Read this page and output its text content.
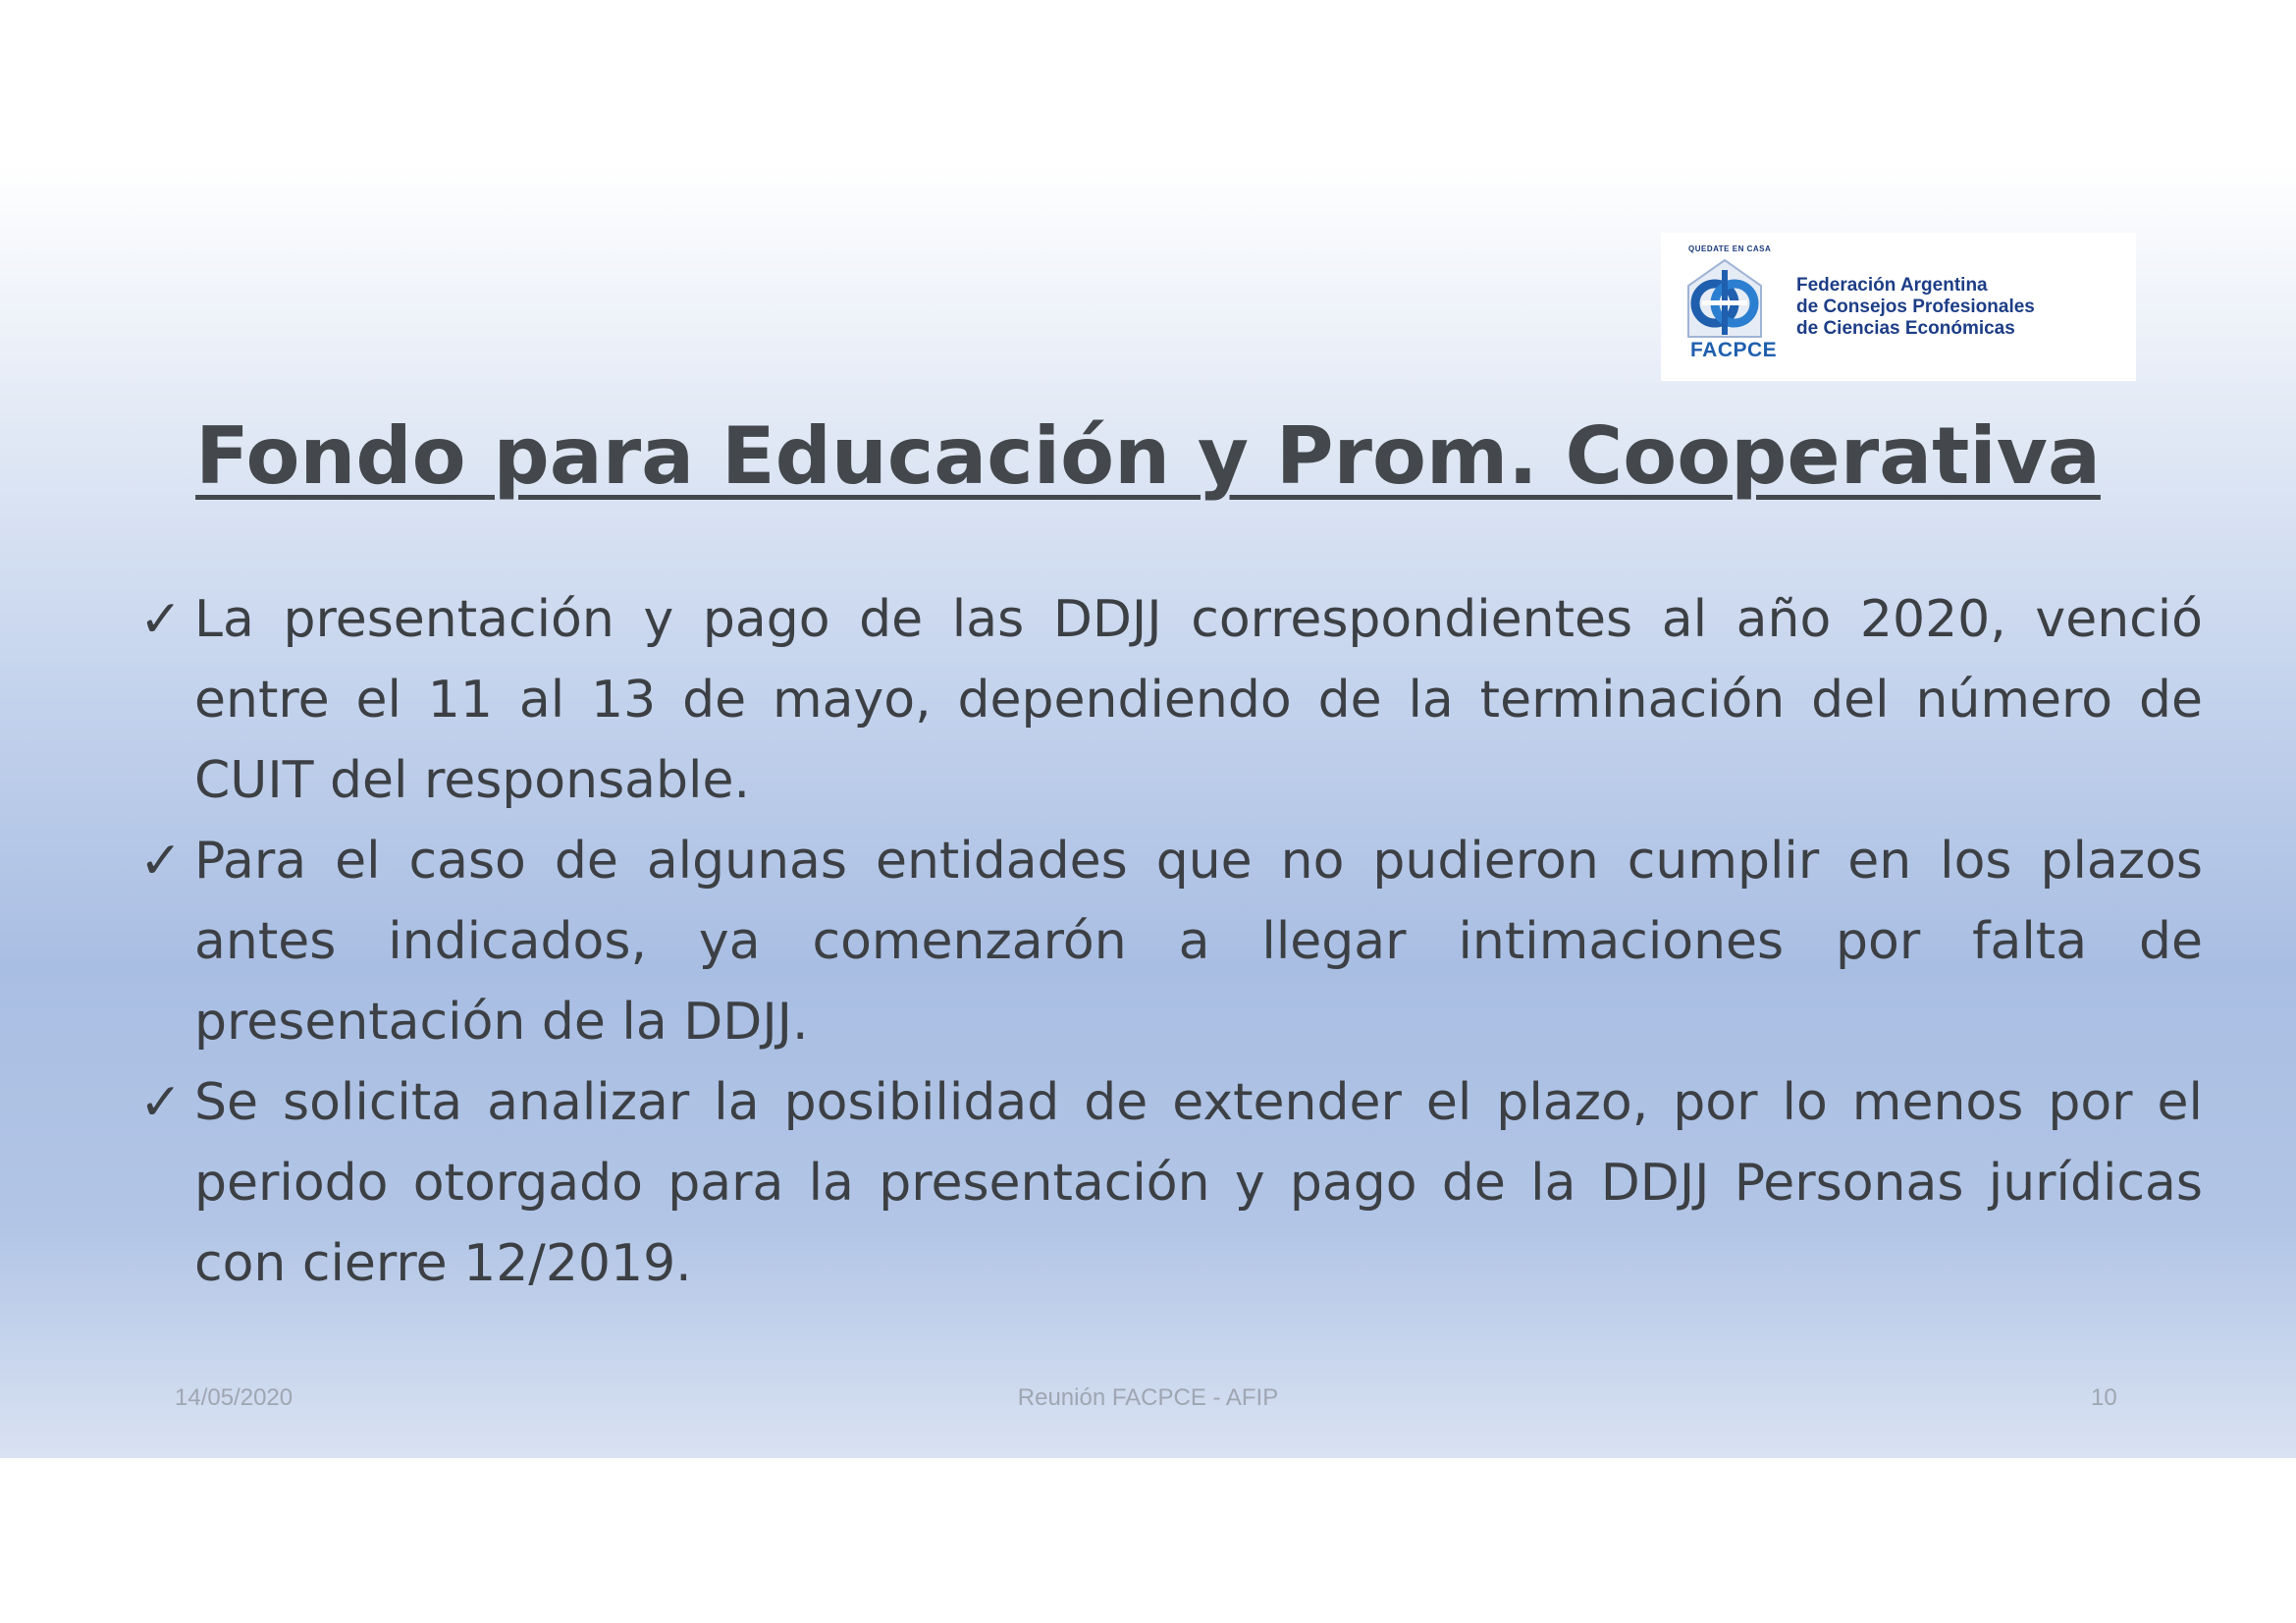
QUEDATE EN CASA
FACPCE
Federación Argentina
de Consejos Profesionales
de Ciencias Económicas
Fondo para Educación y Prom. Cooperativa
✓ La presentación y pago de las DDJJ correspondientes al año 2020, venció entre el 11 al 13 de mayo, dependiendo de la terminación del número de CUIT del responsable.
✓ Para el caso de algunas entidades que no pudieron cumplir en los plazos antes indicados, ya comenzarón a llegar intimaciones por falta de presentación de la DDJJ.
✓ Se solicita analizar la posibilidad de extender el plazo, por lo menos por el periodo otorgado para la presentación y pago de la DDJJ Personas jurídicas con cierre 12/2019.
14/05/2020	Reunión FACPCE - AFIP	10
